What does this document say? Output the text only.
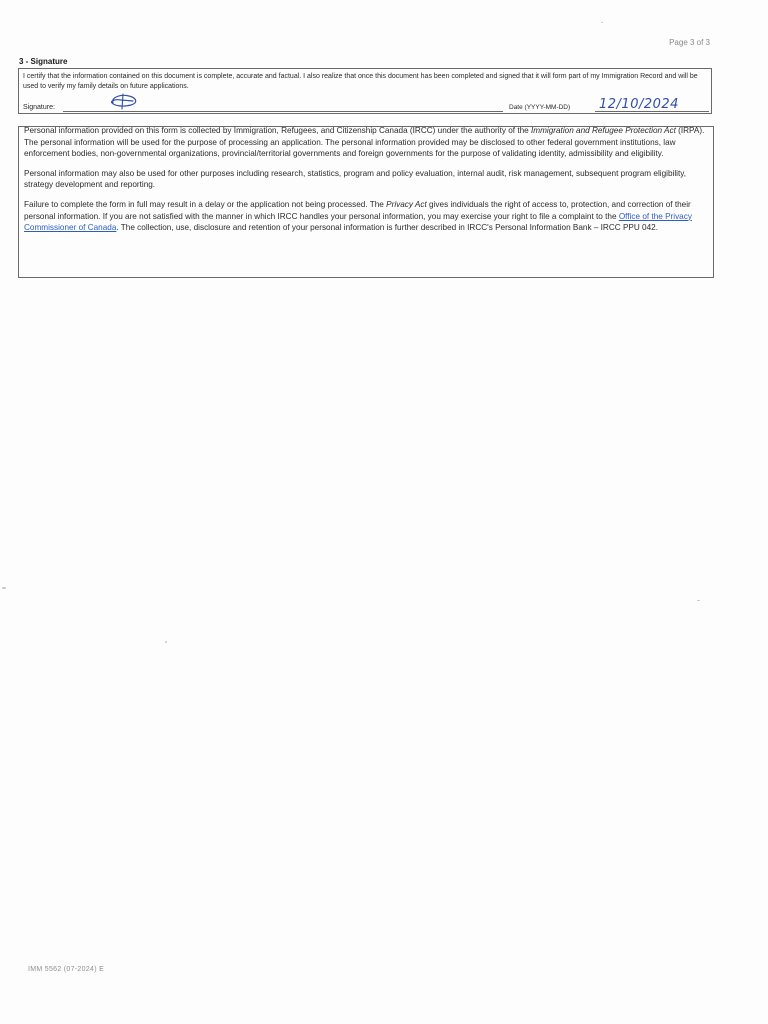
Page 3 of 3
3 - Signature
I certify that the information contained on this document is complete, accurate and factual. I also realize that once this document has been completed and signed that it will form part of my Immigration Record and will be used to verify my family details on future applications.
Signature:	Date (YYYY-MM-DD) 12/10/2024

Personal information provided on this form is collected by Immigration, Refugees, and Citizenship Canada (IRCC) under the authority of the Immigration and Refugee Protection Act (IRPA). The personal information will be used for the purpose of processing an application. The personal information provided may be disclosed to other federal government institutions, law enforcement bodies, non-governmental organizations, provincial/territorial governments and foreign governments for the purpose of validating identity, admissibility and eligibility.

Personal information may also be used for other purposes including research, statistics, program and policy evaluation, internal audit, risk management, subsequent program eligibility, strategy development and reporting.

Failure to complete the form in full may result in a delay or the application not being processed. The Privacy Act gives individuals the right of access to, protection, and correction of their personal information. If you are not satisfied with the manner in which IRCC handles your personal information, you may exercise your right to file a complaint to the Office of the Privacy Commissioner of Canada. The collection, use, disclosure and retention of your personal information is further described in IRCC's Personal Information Bank – IRCC PPU 042.

IMM 5562 (07-2024) E
